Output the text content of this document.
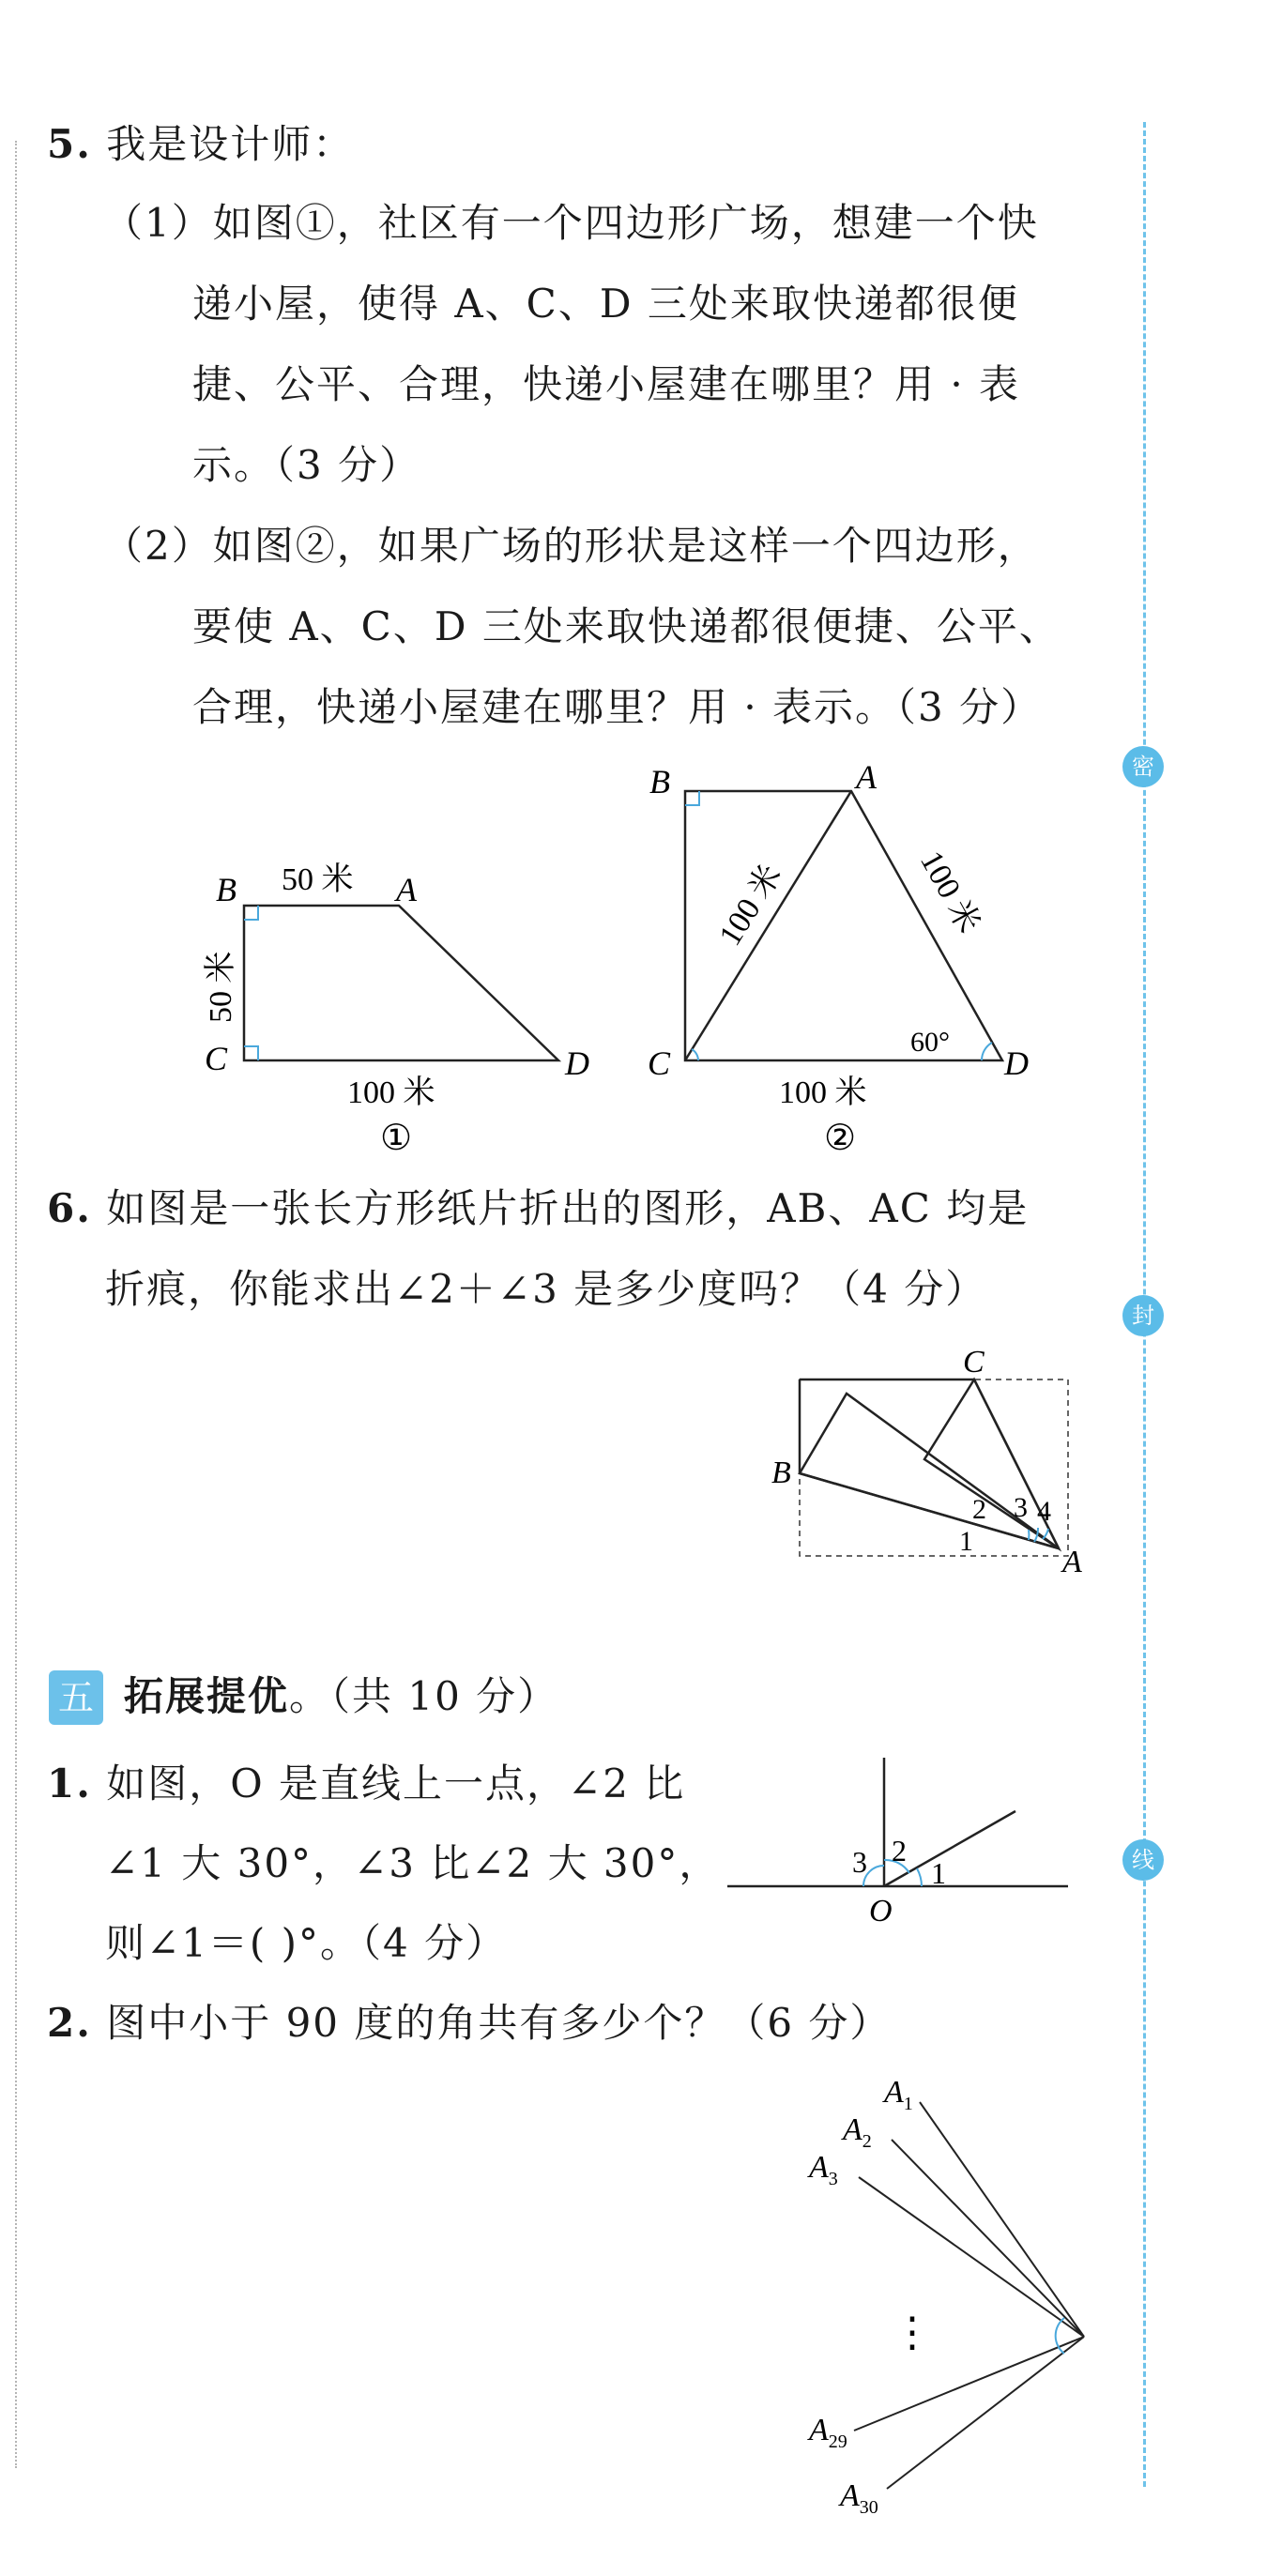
密
封
线
5. 我是设计师：
（1）如图①，社区有一个四边形广场，想建一个快
递小屋，使得 A、C、D 三处来取快递都很便
捷、公平、合理，快递小屋建在哪里？用 · 表
示。（3 分）
（2）如图②，如果广场的形状是这样一个四边形，
要使 A、C、D 三处来取快递都很便捷、公平、
合理，快递小屋建在哪里？用 · 表示。（3 分）
B	A
C	D
50 米
50 米
100 米
①
B	A
C	D
100 米	100 米
60°
100 米
②
6. 如图是一张长方形纸片折出的图形，AB、AC 均是
折痕，你能求出∠2＋∠3 是多少度吗？（4 分）
C
B
A
1
2 3 4
五 拓展提优。（共 10 分）
1. 如图，O 是直线上一点，∠2 比
∠1 大 30°，∠3 比∠2 大 30°，
则∠1＝( )°。（4 分）
O
1
2
3
2. 图中小于 90 度的角共有多少个？（6 分）
⋮
$A_1$
$A_2$
$A_3$
$A_{29}$
$A_{30}$
